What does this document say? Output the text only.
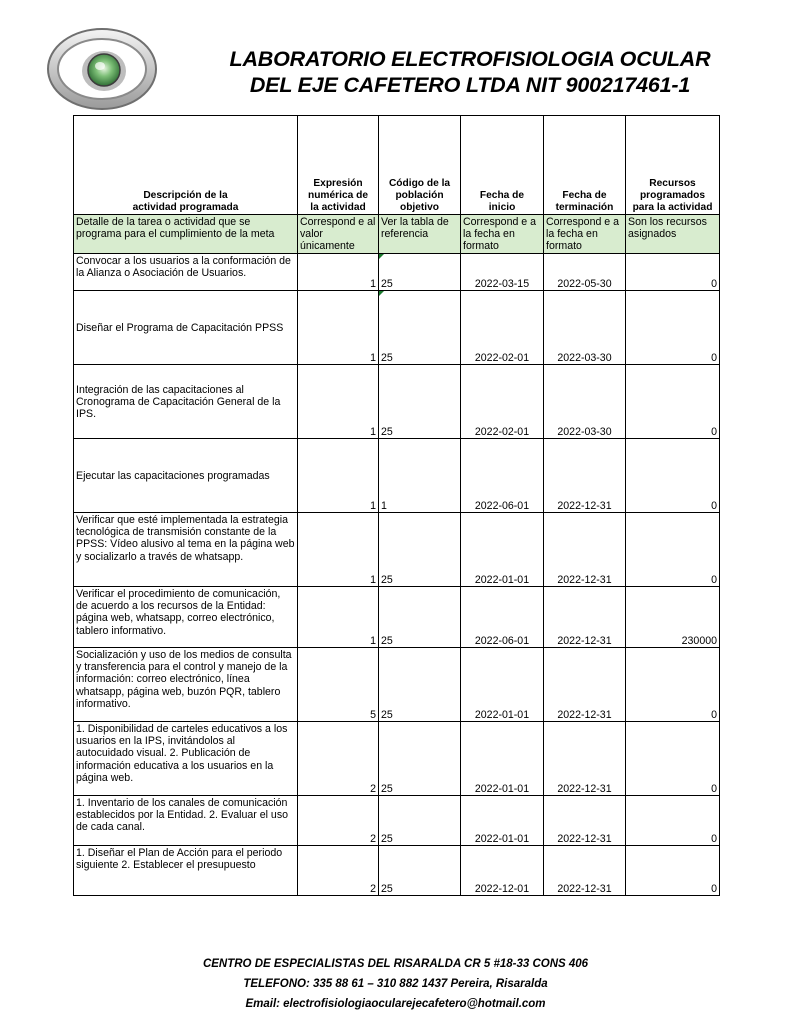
LABORATORIO ELECTROFISIOLOGIA OCULAR
DEL EJE CAFETERO LTDA NIT 900217461-1
Descripción de la actividad programada	Expresión numérica de la actividad	Código de la población objetivo	Fecha de inicio	Fecha de terminación	Recursos programados para la actividad
Detalle de la tarea o actividad que se programa para el cumplimiento de la meta	Correspond e al valor únicamente	Ver la tabla de referencia	Correspond e a la fecha en formato	Correspond e a la fecha en formato	Son los recursos asignados
Convocar a los usuarios a la conformación de la Alianza o Asociación de Usuarios.	1	25	2022-03-15	2022-05-30	0
Diseñar el Programa de Capacitación PPSS	1	25	2022-02-01	2022-03-30	0
Integración de las capacitaciones al Cronograma de Capacitación General de la IPS.	1	25	2022-02-01	2022-03-30	0
Ejecutar las capacitaciones programadas	1	1	2022-06-01	2022-12-31	0
Verificar que esté implementada la estrategia tecnológica de transmisión constante de la PPSS: Vídeo alusivo al tema en la página web y socializarlo a través de whatsapp.	1	25	2022-01-01	2022-12-31	0
Verificar el procedimiento de comunicación, de acuerdo a los recursos de la Entidad: página web, whatsapp, correo electrónico, tablero informativo.	1	25	2022-06-01	2022-12-31	230000
Socialización y uso de los medios de consulta y transferencia para el control y manejo de la información: correo electrónico, línea whatsapp, página web, buzón PQR, tablero informativo.	5	25	2022-01-01	2022-12-31	0
1. Disponibilidad de carteles educativos a los usuarios en la IPS, invitándolos al autocuidado visual. 2. Publicación de información educativa a los usuarios en la página web.	2	25	2022-01-01	2022-12-31	0
1. Inventario de los canales de comunicación establecidos por la Entidad. 2. Evaluar el uso de cada canal.	2	25	2022-01-01	2022-12-31	0
1. Diseñar el Plan de Acción para el periodo siguiente 2. Establecer el presupuesto	2	25	2022-12-01	2022-12-31	0
CENTRO DE ESPECIALISTAS DEL RISARALDA CR 5 #18-33 CONS 406
TELEFONO: 335 88 61 – 310 882 1437 Pereira, Risaralda
Email: electrofisiologiaocularejecafetero@hotmail.com
